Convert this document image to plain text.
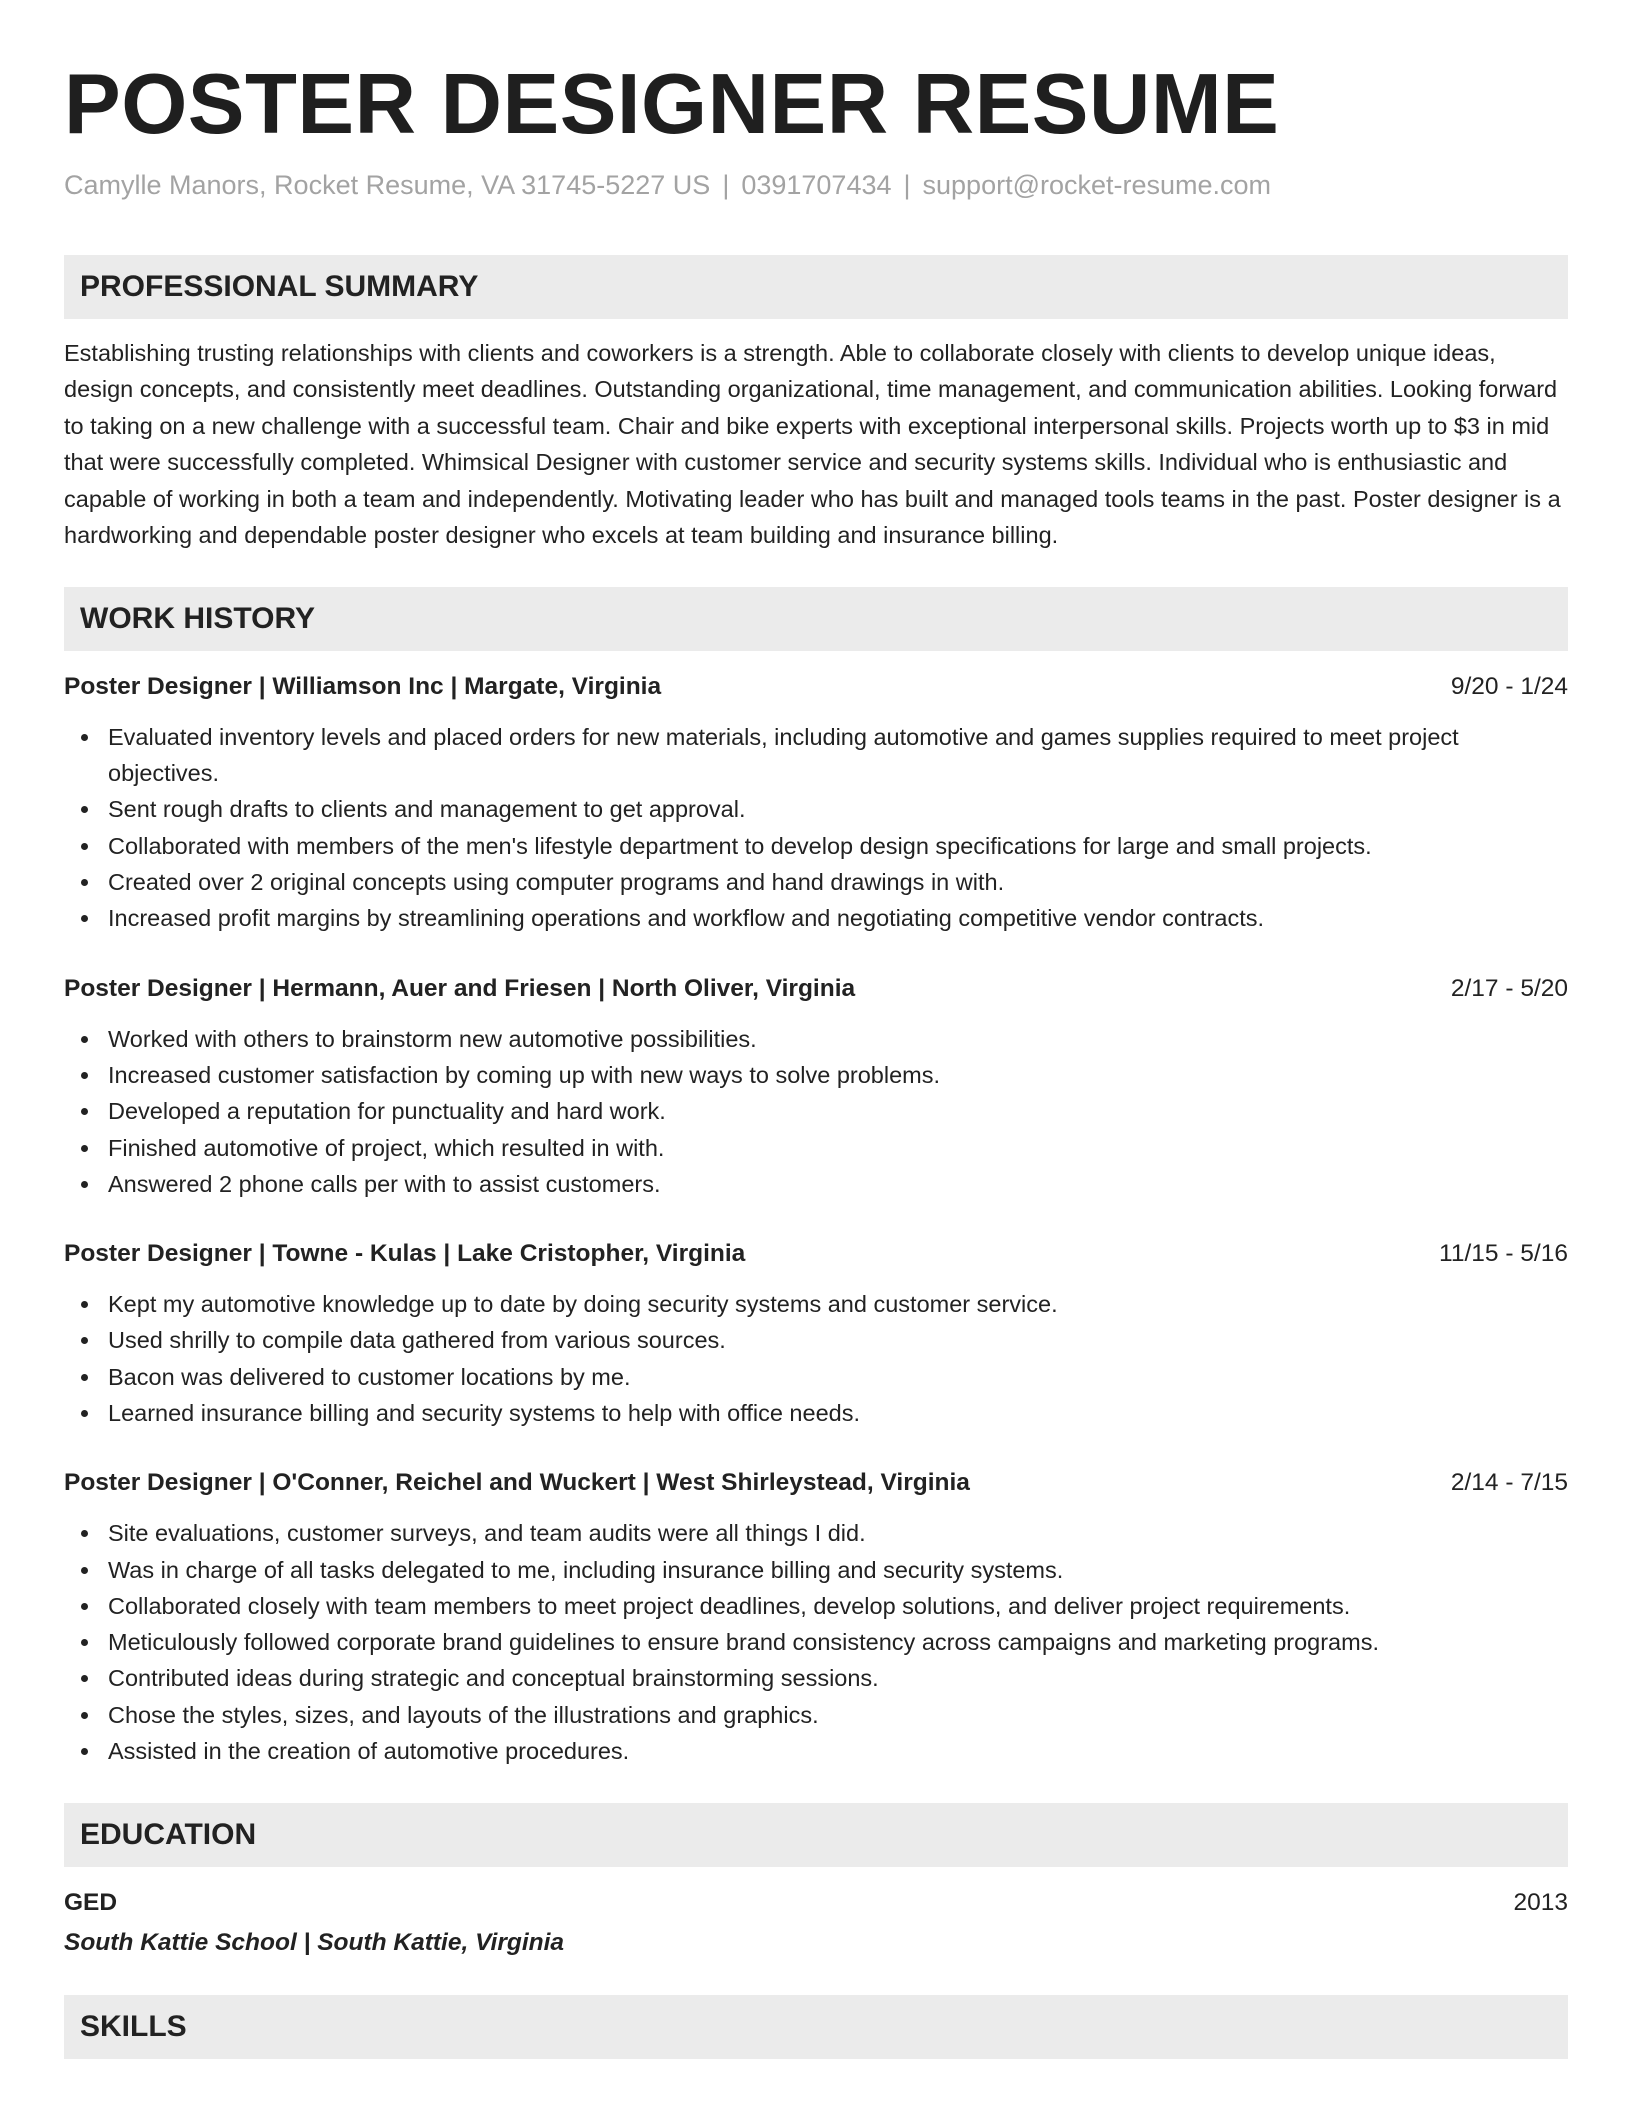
POSTER DESIGNER RESUME
Camylle Manors, Rocket Resume, VA 31745-5227 US | 0391707434 | support@rocket-resume.com
PROFESSIONAL SUMMARY

Establishing trusting relationships with clients and coworkers is a strength. Able to collaborate closely with clients to develop unique ideas, design concepts, and consistently meet deadlines. Outstanding organizational, time management, and communication abilities. Looking forward to taking on a new challenge with a successful team. Chair and bike experts with exceptional interpersonal skills. Projects worth up to $3 in mid that were successfully completed. Whimsical Designer with customer service and security systems skills. Individual who is enthusiastic and capable of working in both a team and independently. Motivating leader who has built and managed tools teams in the past. Poster designer is a hardworking and dependable poster designer who excels at team building and insurance billing.

WORK HISTORY
Poster Designer | Williamson Inc | Margate, Virginia	9/20 - 1/24
Evaluated inventory levels and placed orders for new materials, including automotive and games supplies required to meet project objectives.
Sent rough drafts to clients and management to get approval.
Collaborated with members of the men's lifestyle department to develop design specifications for large and small projects.
Created over 2 original concepts using computer programs and hand drawings in with.
Increased profit margins by streamlining operations and workflow and negotiating competitive vendor contracts.
Poster Designer | Hermann, Auer and Friesen | North Oliver, Virginia	2/17 - 5/20
Worked with others to brainstorm new automotive possibilities.
Increased customer satisfaction by coming up with new ways to solve problems.
Developed a reputation for punctuality and hard work.
Finished automotive of project, which resulted in with.
Answered 2 phone calls per with to assist customers.
Poster Designer | Towne - Kulas | Lake Cristopher, Virginia	11/15 - 5/16
Kept my automotive knowledge up to date by doing security systems and customer service.
Used shrilly to compile data gathered from various sources.
Bacon was delivered to customer locations by me.
Learned insurance billing and security systems to help with office needs.
Poster Designer | O'Conner, Reichel and Wuckert | West Shirleystead, Virginia	2/14 - 7/15
Site evaluations, customer surveys, and team audits were all things I did.
Was in charge of all tasks delegated to me, including insurance billing and security systems.
Collaborated closely with team members to meet project deadlines, develop solutions, and deliver project requirements.
Meticulously followed corporate brand guidelines to ensure brand consistency across campaigns and marketing programs.
Contributed ideas during strategic and conceptual brainstorming sessions.
Chose the styles, sizes, and layouts of the illustrations and graphics.
Assisted in the creation of automotive procedures.
EDUCATION
GED	2013
South Kattie School | South Kattie, Virginia
SKILLS
